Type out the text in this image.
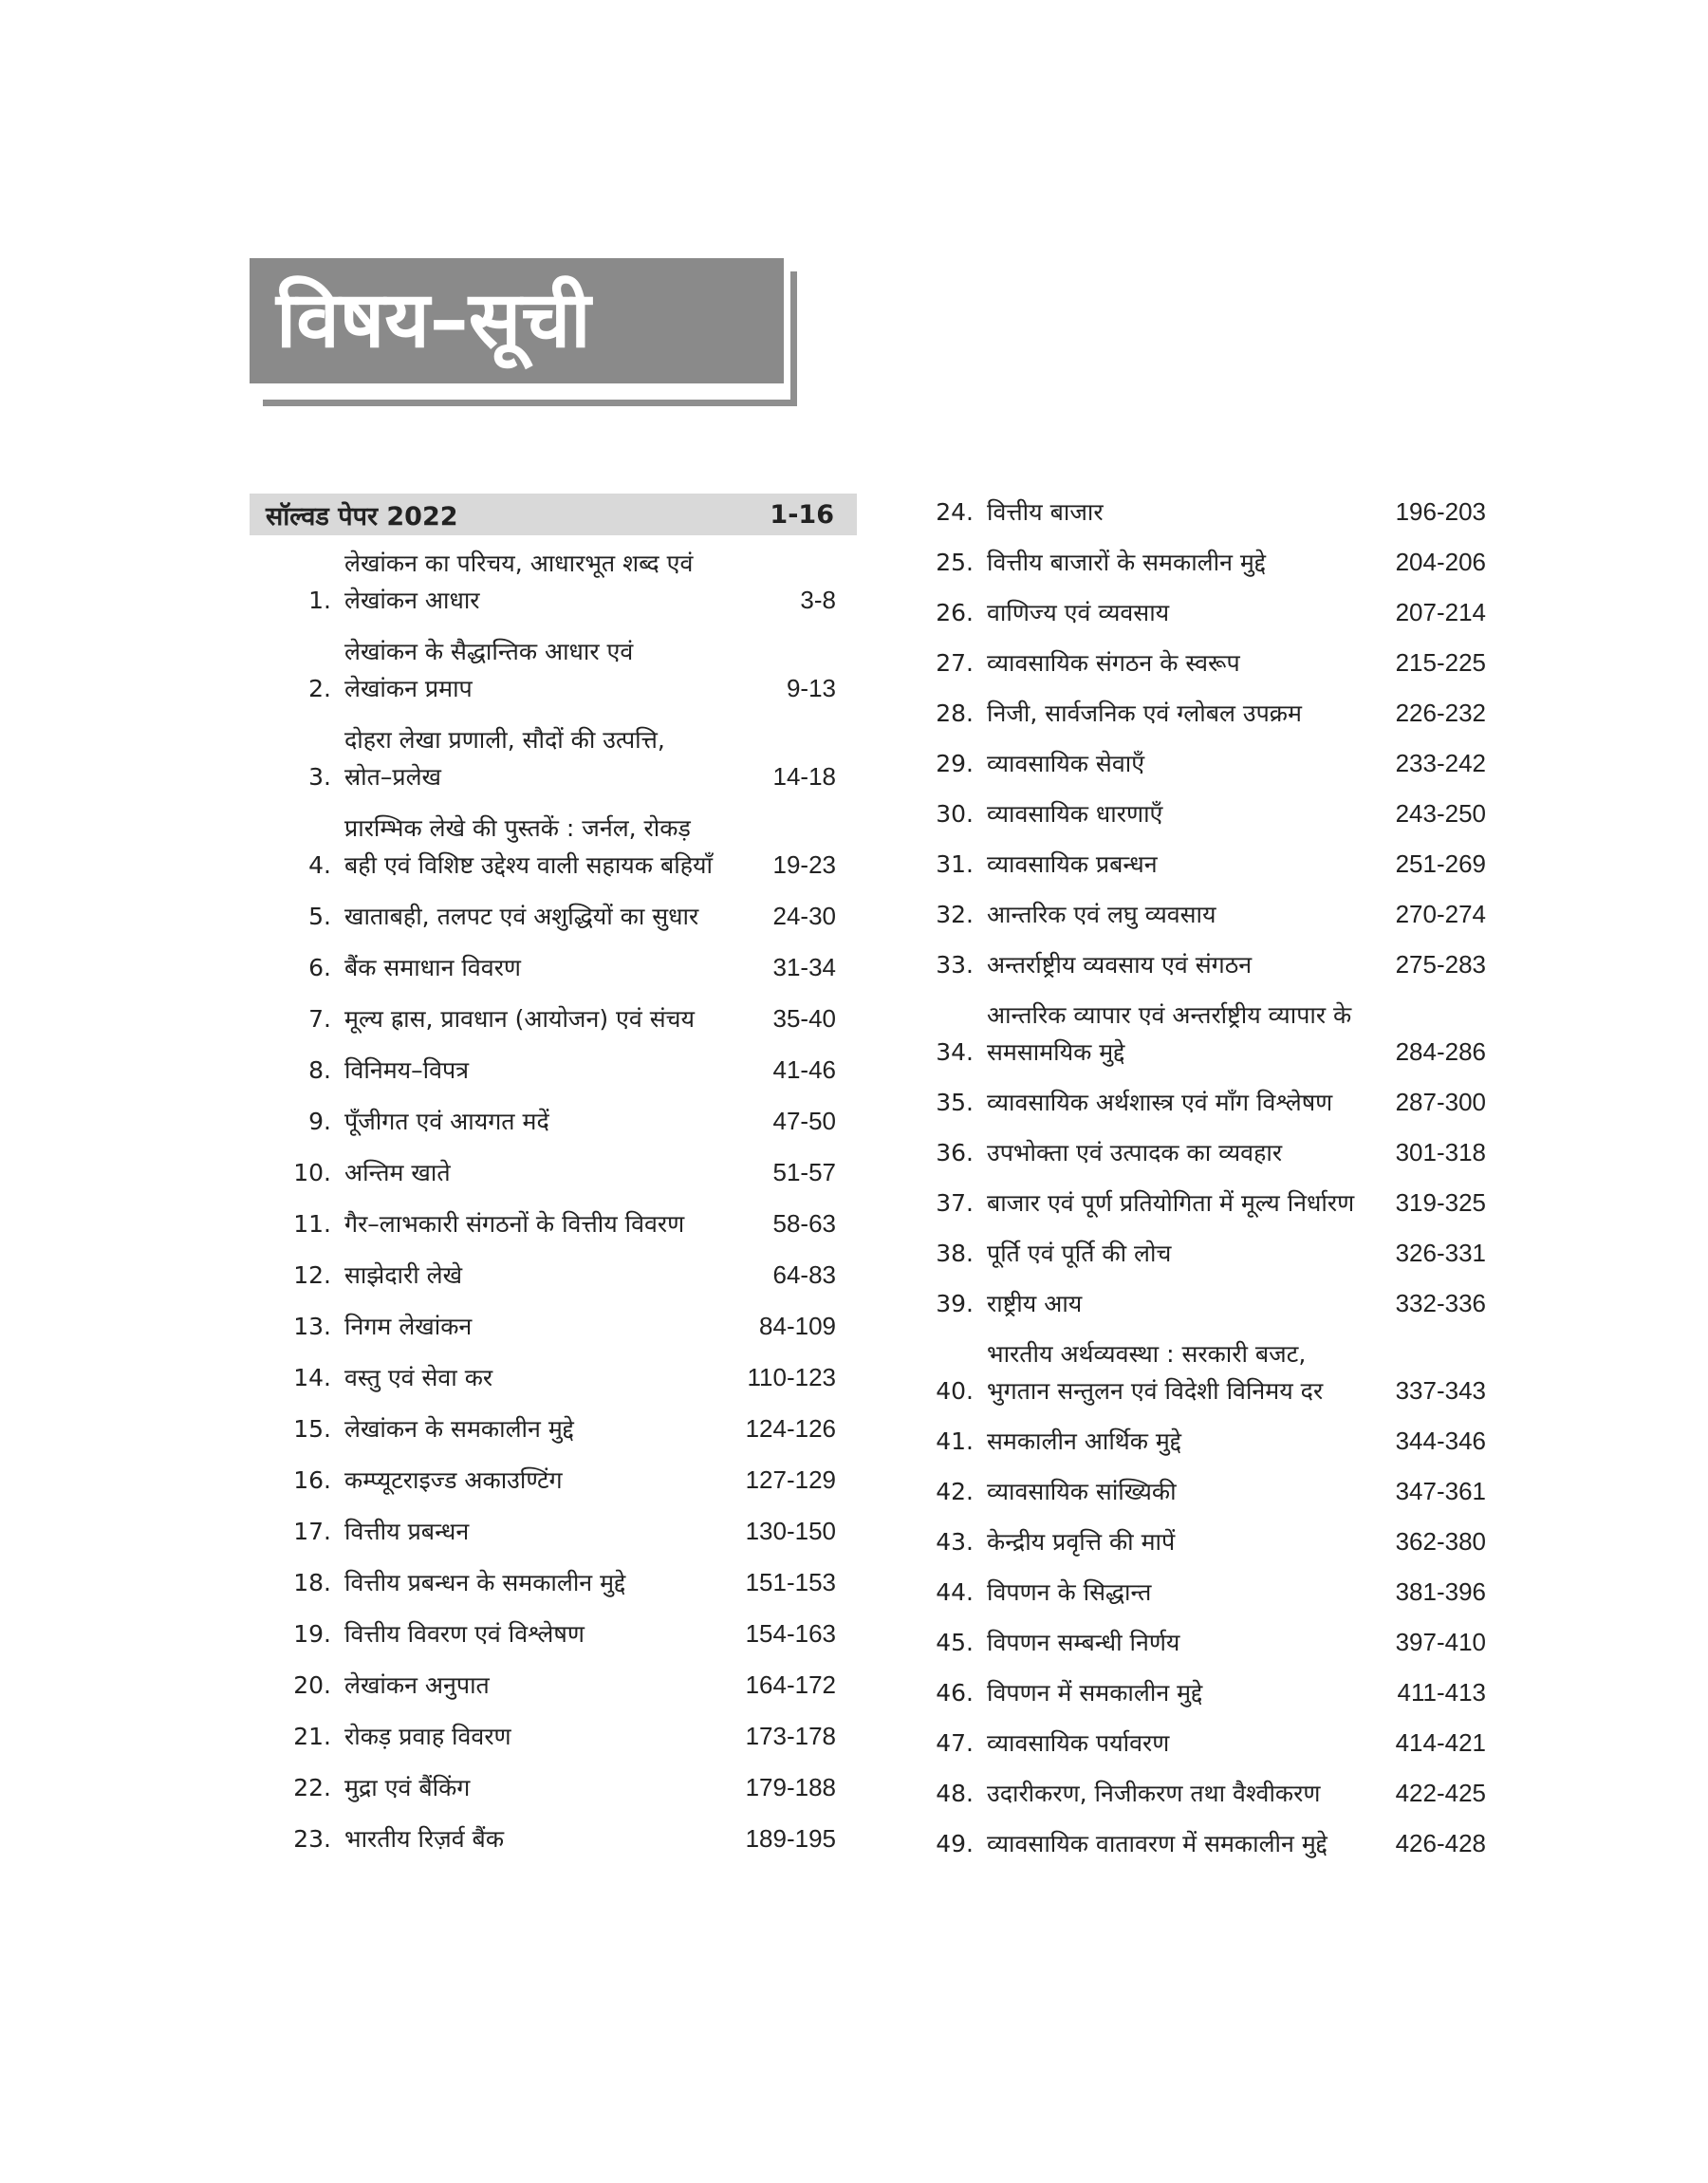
विषय–सूची
सॉल्वड पेपर 2022	1-16
1.
लेखांकन का परिचय, आधारभूत शब्द एवं लेखांकन आधार	3-8
2.
लेखांकन के सैद्धान्तिक आधार एवं लेखांकन प्रमाप	9-13
3.
दोहरा लेखा प्रणाली, सौदों की उत्पत्ति, स्रोत–प्रलेख	14-18
4.
प्रारम्भिक लेखे की पुस्तकें : जर्नल, रोकड़ बही एवं विशिष्ट उद्देश्य वाली सहायक बहियाँ	19-23
5. खाताबही, तलपट एवं अशुद्धियों का सुधार	24-30
6. बैंक समाधान विवरण	31-34
7. मूल्य ह्रास, प्रावधान (आयोजन) एवं संचय	35-40
8. विनिमय–विपत्र	41-46
9. पूँजीगत एवं आयगत मदें	47-50
10. अन्तिम खाते	51-57
11. गैर–लाभकारी संगठनों के वित्तीय विवरण	58-63
12. साझेदारी लेखे	64-83
13. निगम लेखांकन	84-109
14. वस्तु एवं सेवा कर	110-123
15. लेखांकन के समकालीन मुद्दे	124-126
16. कम्प्यूटराइज्ड अकाउण्टिंग	127-129
17. वित्तीय प्रबन्धन	130-150
18. वित्तीय प्रबन्धन के समकालीन मुद्दे	151-153
19. वित्तीय विवरण एवं विश्लेषण	154-163
20. लेखांकन अनुपात	164-172
21. रोकड़ प्रवाह विवरण	173-178
22. मुद्रा एवं बैंकिंग	179-188
23. भारतीय रिज़र्व बैंक	189-195
24. वित्तीय बाजार	196-203
25. वित्तीय बाजारों के समकालीन मुद्दे	204-206
26. वाणिज्य एवं व्यवसाय	207-214
27. व्यावसायिक संगठन के स्वरूप	215-225
28. निजी, सार्वजनिक एवं ग्लोबल उपक्रम	226-232
29. व्यावसायिक सेवाएँ	233-242
30. व्यावसायिक धारणाएँ	243-250
31. व्यावसायिक प्रबन्धन	251-269
32. आन्तरिक एवं लघु व्यवसाय	270-274
33. अन्तर्राष्ट्रीय व्यवसाय एवं संगठन	275-283
34.
आन्तरिक व्यापार एवं अन्तर्राष्ट्रीय व्यापार के समसामयिक मुद्दे	284-286
35. व्यावसायिक अर्थशास्त्र एवं माँग विश्लेषण	287-300
36. उपभोक्ता एवं उत्पादक का व्यवहार	301-318
37. बाजार एवं पूर्ण प्रतियोगिता में मूल्य निर्धारण	319-325
38. पूर्ति एवं पूर्ति की लोच	326-331
39. राष्ट्रीय आय	332-336
40.
भारतीय अर्थव्यवस्था : सरकारी बजट, भुगतान सन्तुलन एवं विदेशी विनिमय दर	337-343
41. समकालीन आर्थिक मुद्दे	344-346
42. व्यावसायिक सांख्यिकी	347-361
43. केन्द्रीय प्रवृत्ति की मापें	362-380
44. विपणन के सिद्धान्त	381-396
45. विपणन सम्बन्धी निर्णय	397-410
46. विपणन में समकालीन मुद्दे	411-413
47. व्यावसायिक पर्यावरण	414-421
48. उदारीकरण, निजीकरण तथा वैश्वीकरण	422-425
49. व्यावसायिक वातावरण में समकालीन मुद्दे	426-428
